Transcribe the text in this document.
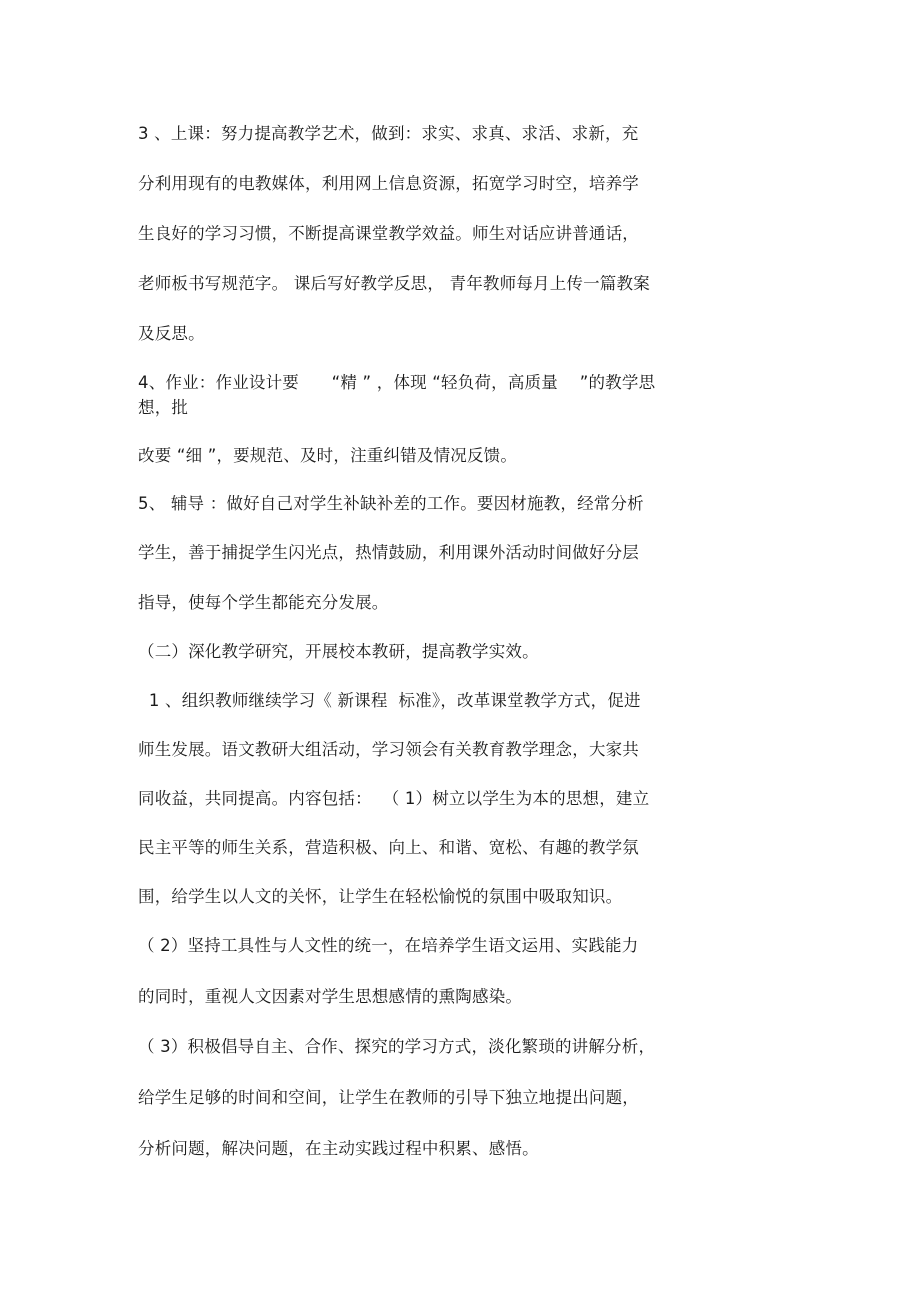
3 、上课：努力提高教学艺术，做到：求实、求真、求活、求新，充
分利用现有的电教媒体，利用网上信息资源，拓宽学习时空，培养学
生良好的学习习惯，不断提高课堂教学效益。师生对话应讲普通话，
老师板书写规范字。 课后写好教学反思， 青年教师每月上传一篇教案
及反思。
4、作业：作业设计要      “精 ” ，体现 “轻负荷，高质量    ”的教学思
想，批
改要 “细 ”，要规范、及时，注重纠错及情况反馈。
5、 辅导 ：做好自己对学生补缺补差的工作。要因材施教，经常分析
学生，善于捕捉学生闪光点，热情鼓励，利用课外活动时间做好分层
指导，使每个学生都能充分发展。
（二）深化教学研究，开展校本教研，提高教学实效。
1 、组织教师继续学习《 新课程  标准》，改革课堂教学方式，促进
师生发展。语文教研大组活动，学习领会有关教育教学理念，大家共
同收益，共同提高。内容包括：  （ 1）树立以学生为本的思想，建立
民主平等的师生关系，营造积极、向上、和谐、宽松、有趣的教学氛
围，给学生以人文的关怀，让学生在轻松愉悦的氛围中吸取知识。
（ 2）坚持工具性与人文性的统一，在培养学生语文运用、实践能力
的同时，重视人文因素对学生思想感情的熏陶感染。
（ 3）积极倡导自主、合作、探究的学习方式，淡化繁琐的讲解分析，
给学生足够的时间和空间，让学生在教师的引导下独立地提出问题，
分析问题，解决问题，在主动实践过程中积累、感悟。
